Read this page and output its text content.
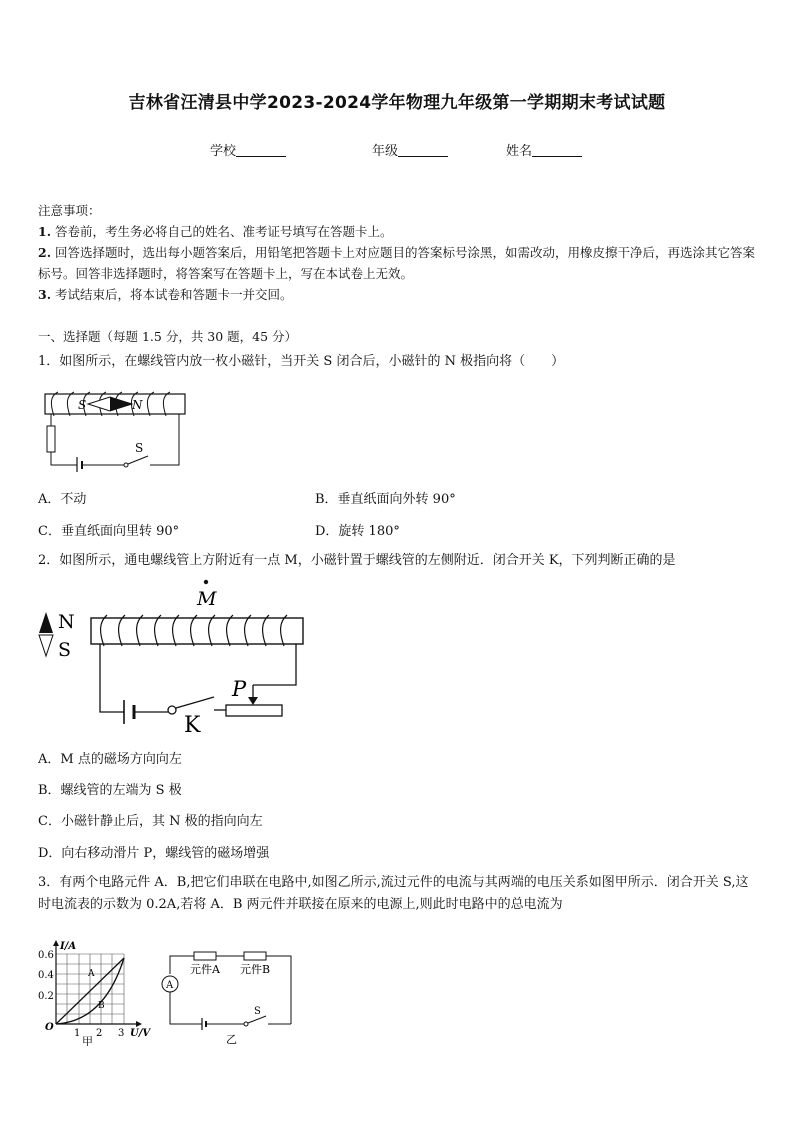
吉林省汪清县中学2023-2024学年物理九年级第一学期期末考试试题
学校	年级	姓名
注意事项：
1. 答卷前，考生务必将自己的姓名、准考证号填写在答题卡上。
2. 回答选择题时，选出每小题答案后，用铅笔把答题卡上对应题目的答案标号涂黑，如需改动，用橡皮擦干净后，再选涂其它答案标号。回答非选择题时，将答案写在答题卡上，写在本试卷上无效。
3. 考试结束后，将本试卷和答题卡一并交回。
一、选择题（每题 1.5 分，共 30 题，45 分）
1．如图所示，在螺线管内放一枚小磁针，当开关 S 闭合后，小磁针的 N 极指向将（　　）
S	N
S
A．不动	B．垂直纸面向外转 90°
C．垂直纸面向里转 90°	D．旋转 180°
2．如图所示，通电螺线管上方附近有一点 M，小磁针置于螺线管的左侧附近．闭合开关 K，下列判断正确的是
M
N
S
K
P
A．M 点的磁场方向向左
B．螺线管的左端为 S 极
C．小磁针静止后，其 N 极的指向向左
D．向右移动滑片 P，螺线管的磁场增强
3．有两个电路元件 A．B,把它们串联在电路中,如图乙所示,流过元件的电流与其两端的电压关系如图甲所示．闭合开关 S,这时电流表的示数为 0.2A,若将 A．B 两元件并联接在原来的电源上,则此时电路中的总电流为
I/A
0.6
0.4
0.2
O
1 2 3 U/V
A
B
甲
A
元件A 元件B
S
乙
